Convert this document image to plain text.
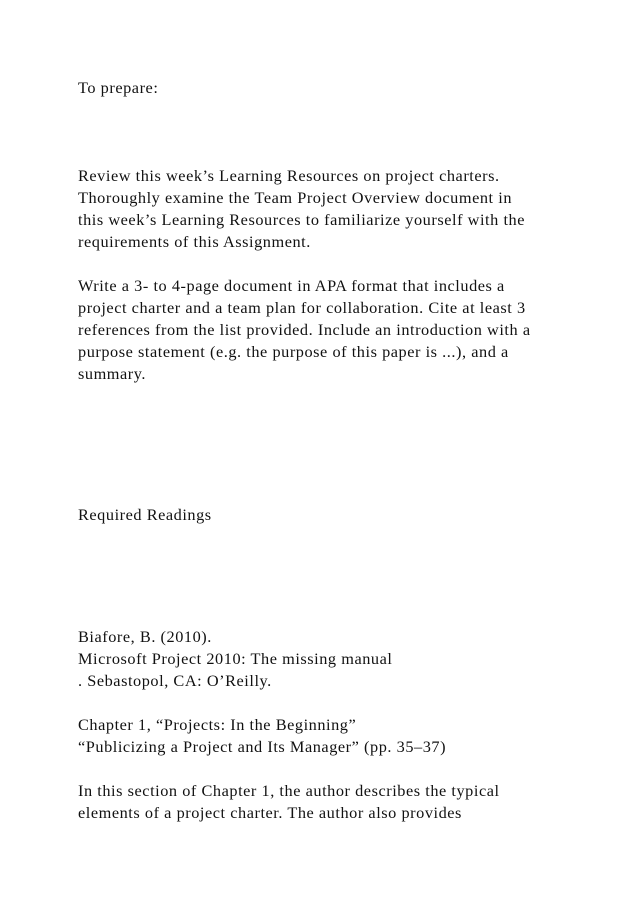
To prepare:

Review this week’s Learning Resources on project charters.

Thoroughly examine the Team Project Overview document in

this week’s Learning Resources to familiarize yourself with the

requirements of this Assignment.

Write a 3- to 4-page document in APA format that includes a

project charter and a team plan for collaboration. Cite at least 3

references from the list provided. Include an introduction with a

purpose statement (e.g. the purpose of this paper is ...), and a

summary.

Required Readings

Biafore, B. (2010).

Microsoft Project 2010: The missing manual

. Sebastopol, CA: O’Reilly.

Chapter 1, “Projects: In the Beginning”

“Publicizing a Project and Its Manager” (pp. 35–37)

In this section of Chapter 1, the author describes the typical

elements of a project charter. The author also provides
